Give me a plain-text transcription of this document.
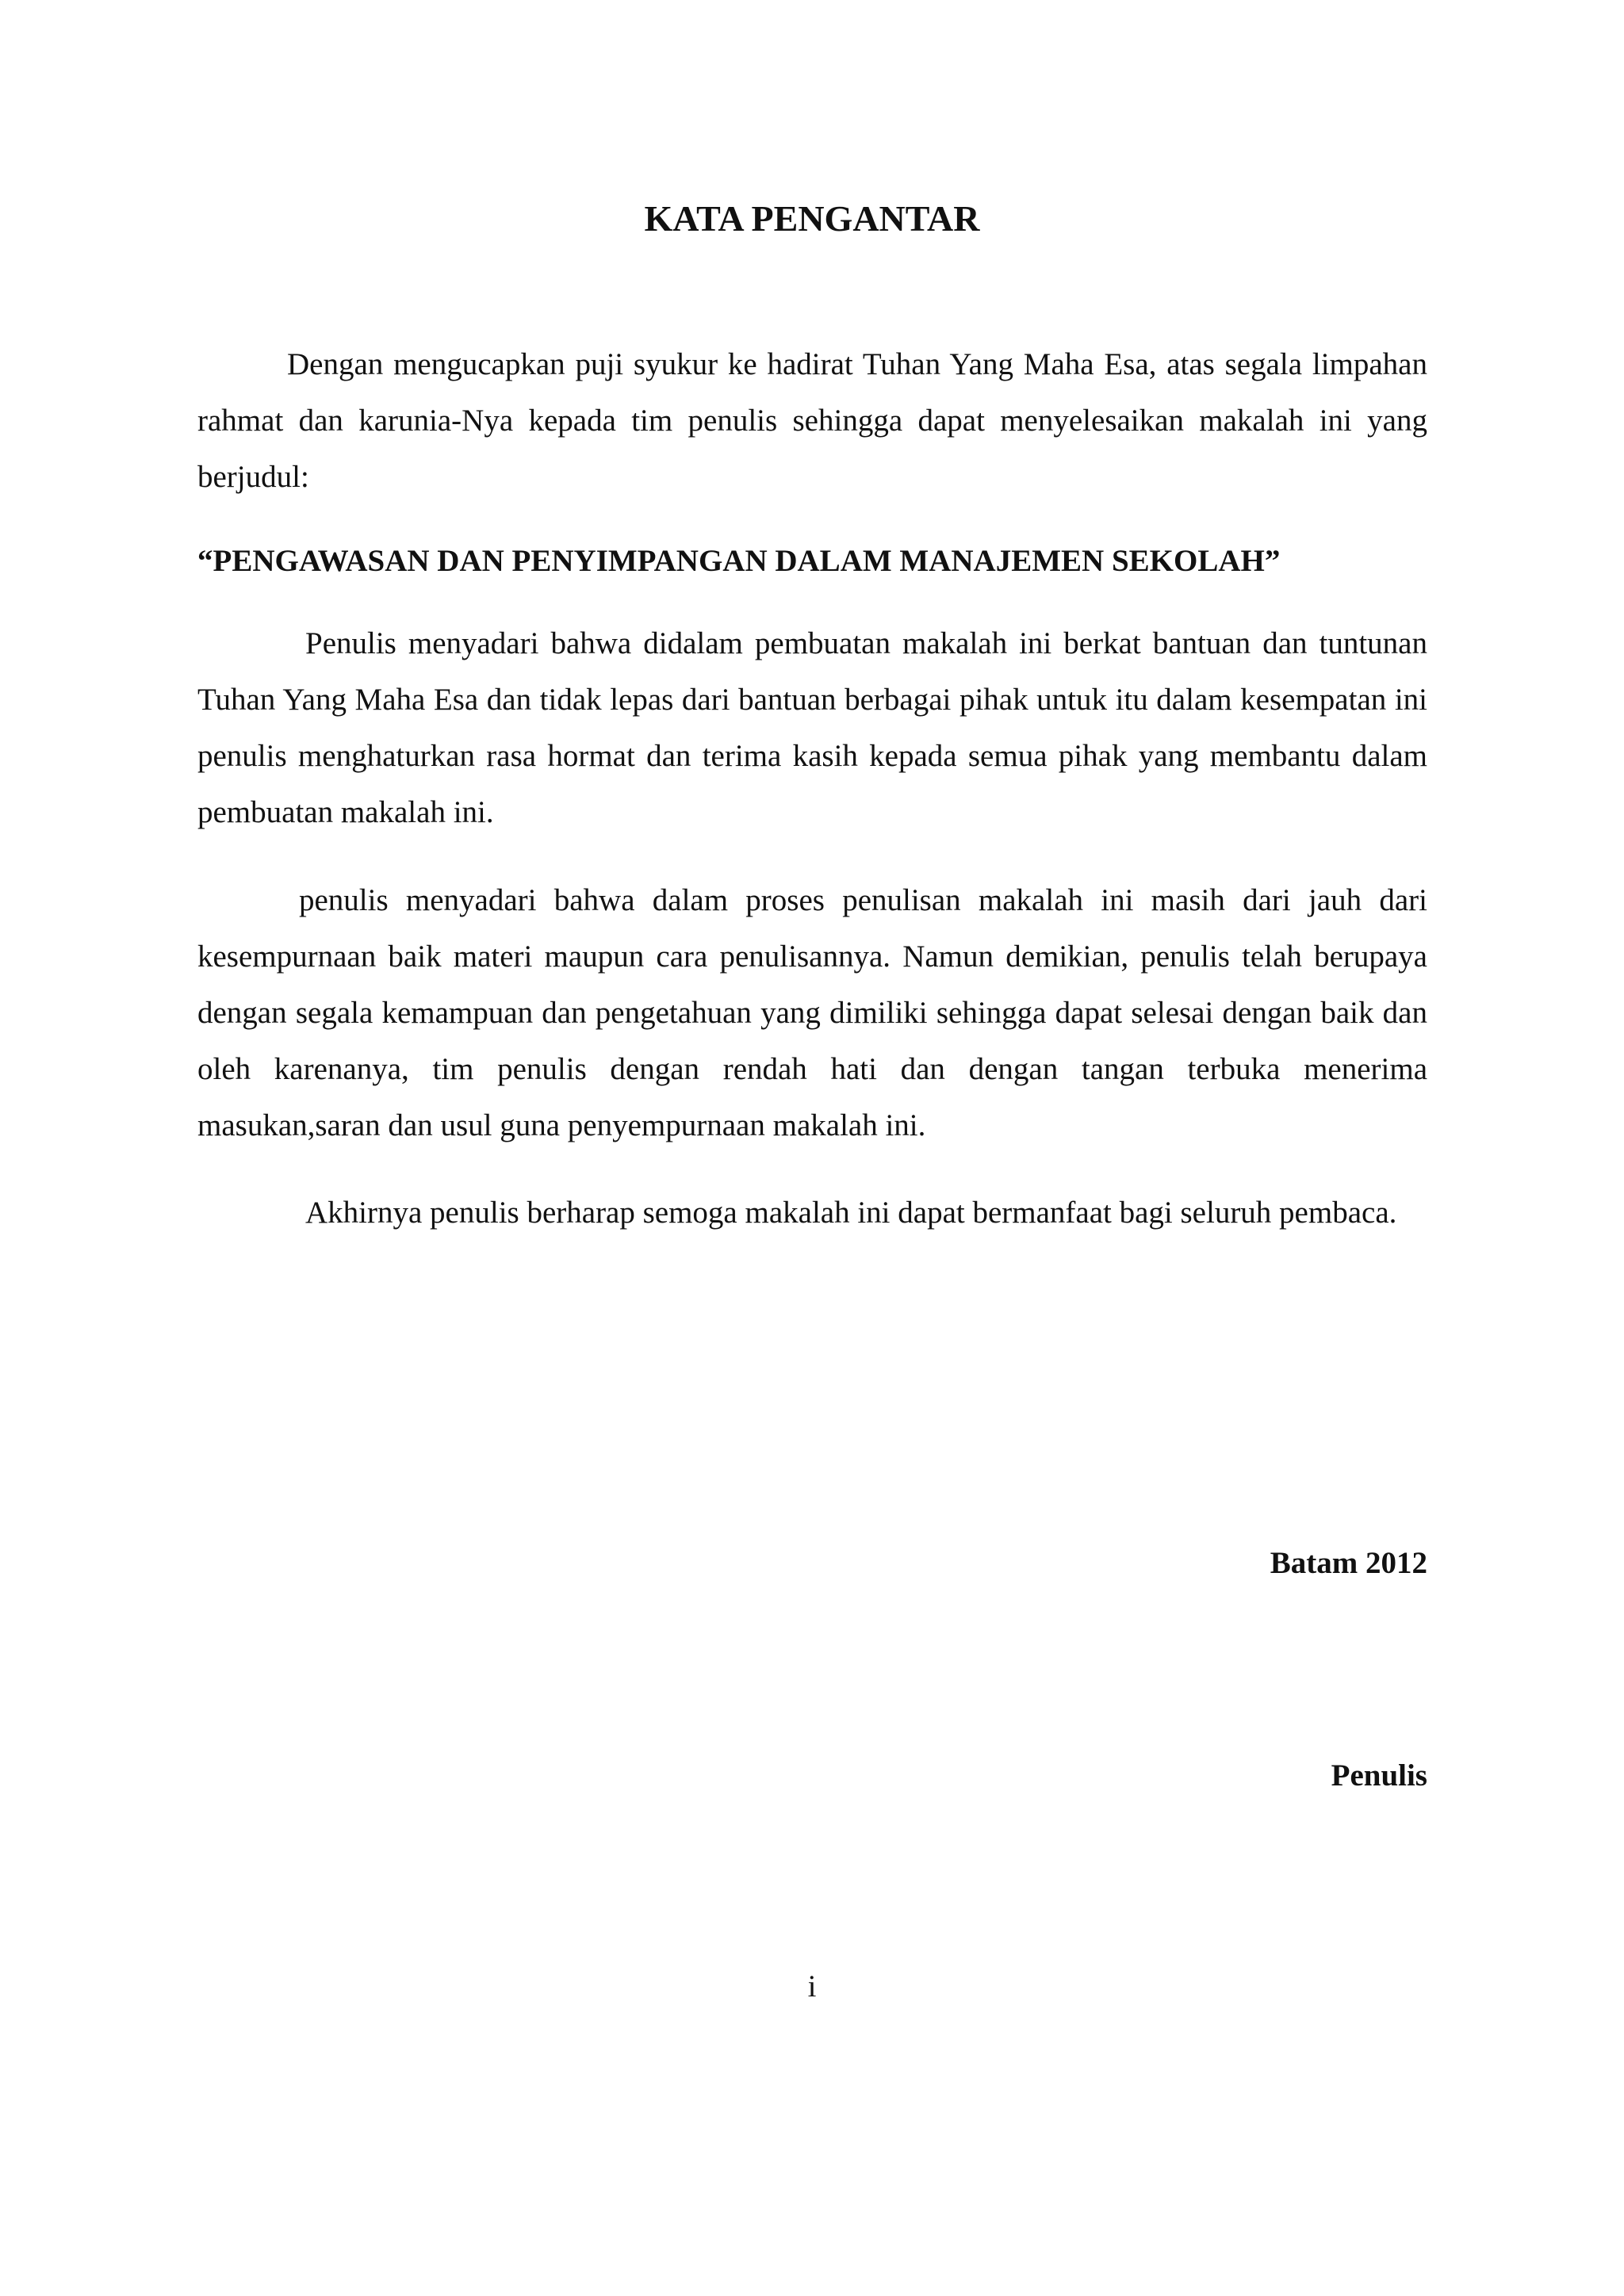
KATA PENGANTAR

Dengan mengucapkan puji syukur ke hadirat Tuhan Yang Maha Esa, atas segala limpahan rahmat dan karunia-Nya kepada tim penulis sehingga dapat menyelesaikan makalah ini yang berjudul:

“PENGAWASAN DAN PENYIMPANGAN DALAM MANAJEMEN SEKOLAH”

Penulis menyadari bahwa didalam pembuatan makalah ini berkat bantuan dan tuntunan Tuhan Yang Maha Esa dan tidak lepas dari bantuan berbagai pihak untuk itu dalam kesempatan ini penulis menghaturkan rasa hormat dan terima kasih kepada semua pihak yang membantu dalam pembuatan makalah ini.

penulis menyadari bahwa dalam proses penulisan makalah ini masih dari jauh dari kesempurnaan baik materi maupun cara penulisannya. Namun demikian, penulis telah berupaya dengan segala kemampuan dan pengetahuan yang dimiliki sehingga dapat selesai dengan baik dan oleh karenanya, tim penulis dengan rendah hati dan dengan tangan terbuka menerima masukan,saran dan usul guna penyempurnaan makalah ini.

Akhirnya penulis berharap semoga makalah ini dapat bermanfaat bagi seluruh pembaca.

Batam 2012

Penulis

i
